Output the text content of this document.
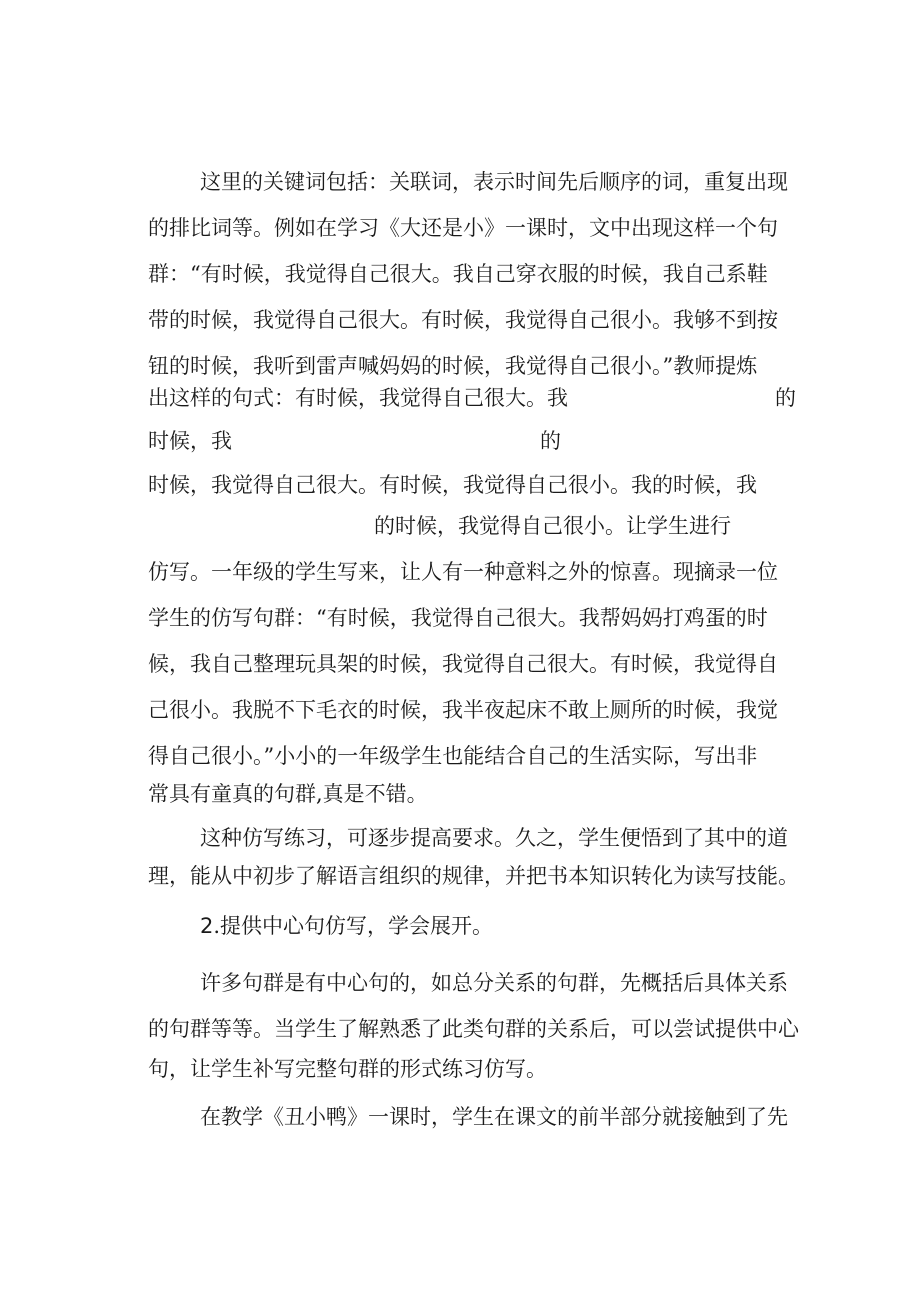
这里的关键词包括：关联词，表示时间先后顺序的词，重复出现
的排比词等。例如在学习《大还是小》一课时，文中出现这样一个句
群：“有时候，我觉得自己很大。我自己穿衣服的时候，我自己系鞋
带的时候，我觉得自己很大。有时候，我觉得自己很小。我够不到按
钮的时候，我听到雷声喊妈妈的时候，我觉得自己很小。”教师提炼
出这样的句式：有时候，我觉得自己很大。我	的
时候，我	的
时候，我觉得自己很大。有时候，我觉得自己很小。我的时候，我
的时候，我觉得自己很小。让学生进行
仿写。一年级的学生写来，让人有一种意料之外的惊喜。现摘录一位
学生的仿写句群：“有时候，我觉得自己很大。我帮妈妈打鸡蛋的时
候，我自己整理玩具架的时候，我觉得自己很大。有时候，我觉得自
己很小。我脱不下毛衣的时候，我半夜起床不敢上厕所的时候，我觉
得自己很小。”小小的一年级学生也能结合自己的生活实际，写出非
常具有童真的句群,真是不错。
这种仿写练习，可逐步提高要求。久之，学生便悟到了其中的道
理，能从中初步了解语言组织的规律，并把书本知识转化为读写技能。
2.提供中心句仿写，学会展开。
许多句群是有中心句的，如总分关系的句群，先概括后具体关系
的句群等等。当学生了解熟悉了此类句群的关系后，可以尝试提供中心
句，让学生补写完整句群的形式练习仿写。
在教学《丑小鸭》一课时，学生在课文的前半部分就接触到了先
